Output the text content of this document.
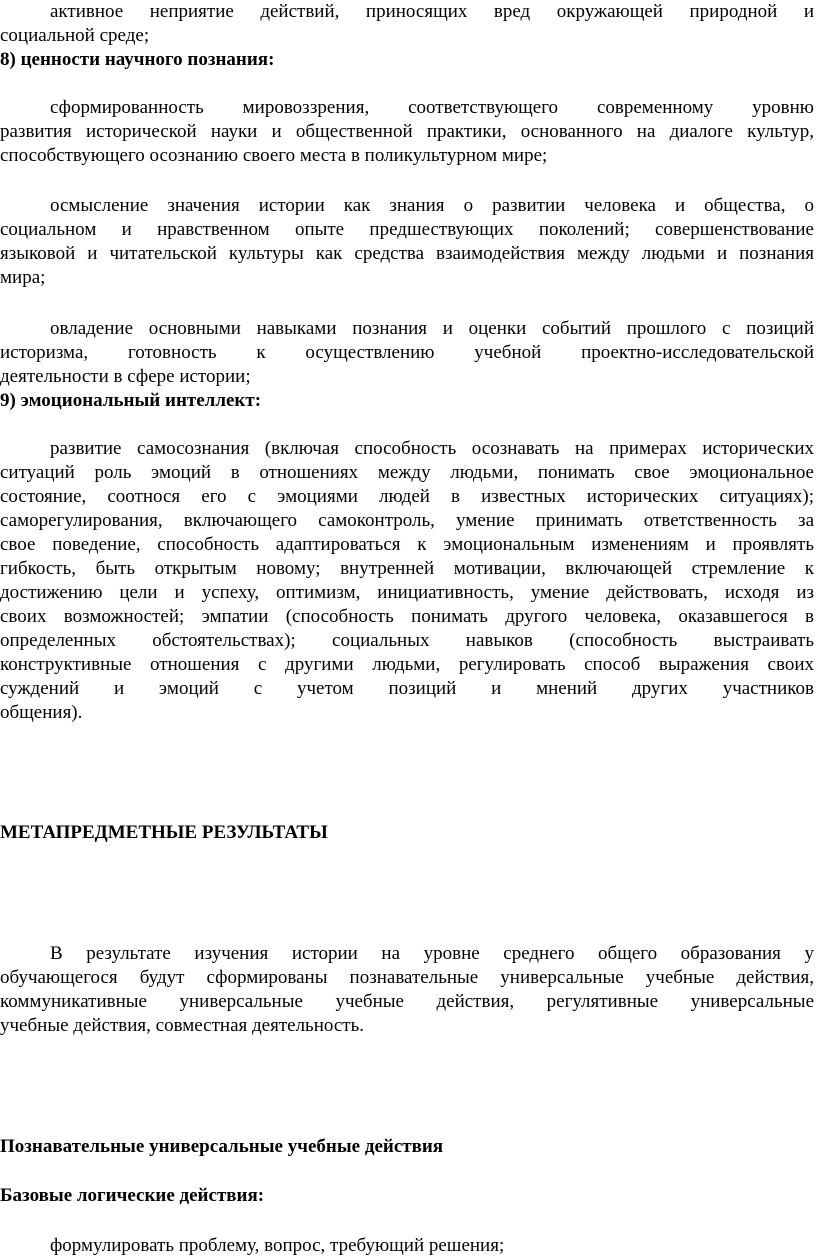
активное неприятие действий, приносящих вред окружающей природной и
социальной среде;
8) ценности научного познания:
сформированность мировоззрения, соответствующего современному уровню
развития исторической науки и общественной практики, основанного на диалоге культур,
способствующего осознанию своего места в поликультурном мире;
осмысление значения истории как знания о развитии человека и общества, о
социальном и нравственном опыте предшествующих поколений; совершенствование
языковой и читательской культуры как средства взаимодействия между людьми и познания
мира;
овладение основными навыками познания и оценки событий прошлого с позиций
историзма, готовность к осуществлению учебной проектно-исследовательской
деятельности в сфере истории;
9) эмоциональный интеллект:
развитие самосознания (включая способность осознавать на примерах исторических
ситуаций роль эмоций в отношениях между людьми, понимать свое эмоциональное
состояние, соотнося его с эмоциями людей в известных исторических ситуациях);
саморегулирования, включающего самоконтроль, умение принимать ответственность за
свое поведение, способность адаптироваться к эмоциональным изменениям и проявлять
гибкость, быть открытым новому; внутренней мотивации, включающей стремление к
достижению цели и успеху, оптимизм, инициативность, умение действовать, исходя из
своих возможностей; эмпатии (способность понимать другого человека, оказавшегося в
определенных обстоятельствах); социальных навыков (способность выстраивать
конструктивные отношения с другими людьми, регулировать способ выражения своих
суждений и эмоций с учетом позиций и мнений других участников
общения).
МЕТАПРЕДМЕТНЫЕ РЕЗУЛЬТАТЫ
В результате изучения истории на уровне среднего общего образования у
обучающегося будут сформированы познавательные универсальные учебные действия,
коммуникативные универсальные учебные действия, регулятивные универсальные
учебные действия, совместная деятельность.
Познавательные универсальные учебные действия
Базовые логические действия:
формулировать проблему, вопрос, требующий решения;
